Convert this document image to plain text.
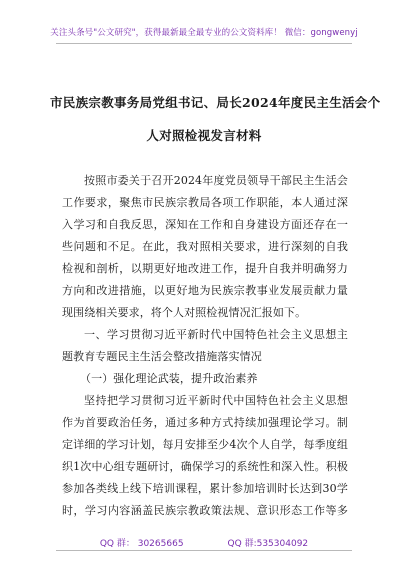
关注头条号"公文研究"，获得最新最全最专业的公文资料库！ 微信：gongwenyj
市民族宗教事务局党组书记、局长2024年度民主生活会个
人对照检视发言材料
按照市委关于召开2024年度党员领导干部民主生活会
工作要求，聚焦市民族宗教局各项工作职能，本人通过深
入学习和自我反思，深知在工作和自身建设方面还存在一
些问题和不足。在此，我对照相关要求，进行深刻的自我
检视和剖析，以期更好地改进工作，提升自我并明确努力
方向和改进措施，以更好地为民族宗教事业发展贡献力量
现围绕相关要求，将个人对照检视情况汇报如下。
一、学习贯彻习近平新时代中国特色社会主义思想主
题教育专题民主生活会整改措施落实情况
（一）强化理论武装，提升政治素养
坚持把学习贯彻习近平新时代中国特色社会主义思想
作为首要政治任务，通过多种方式持续加强理论学习。制
定详细的学习计划，每月安排至少4次个人自学，每季度组
织1次中心组专题研讨，确保学习的系统性和深入性。积极
参加各类线上线下培训课程，累计参加培训时长达到30学
时，学习内容涵盖民族宗教政策法规、意识形态工作等多
QQ 群： 30265665	QQ 群:535304092
